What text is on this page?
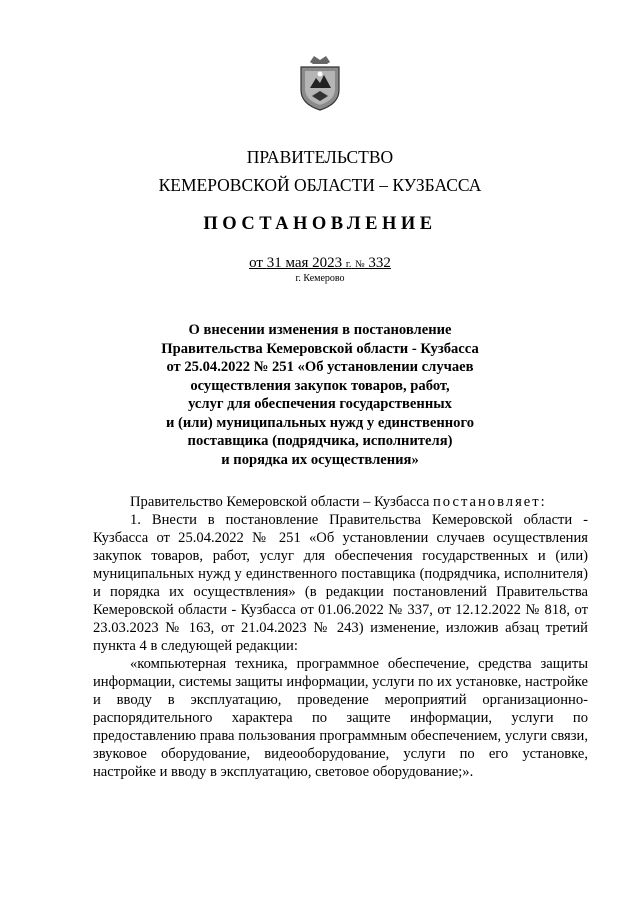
ПРАВИТЕЛЬСТВО
КЕМЕРОВСКОЙ ОБЛАСТИ – КУЗБАССА
ПОСТАНОВЛЕНИЕ
от 31 мая 2023 г. № 332
г. Кемерово
О внесении изменения в постановление
Правительства Кемеровской области - Кузбасса
от 25.04.2022 № 251 «Об установлении случаев
осуществления закупок товаров, работ,
услуг для обеспечения государственных
и (или) муниципальных нужд у единственного
поставщика (подрядчика, исполнителя)
и порядка их осуществления»
Правительство Кемеровской области – Кузбасса постановляет:
1. Внести в постановление Правительства Кемеровской области - Кузбасса от 25.04.2022 № 251 «Об установлении случаев осуществления закупок товаров, работ, услуг для обеспечения государственных и (или) муниципальных нужд у единственного поставщика (подрядчика, исполнителя) и порядка их осуществления» (в редакции постановлений Правительства Кемеровской области - Кузбасса от 01.06.2022 № 337, от 12.12.2022 № 818, от 23.03.2023 № 163, от 21.04.2023 № 243) изменение, изложив абзац третий пункта 4 в следующей редакции:
«компьютерная техника, программное обеспечение, средства защиты информации, системы защиты информации, услуги по их установке, настройке и вводу в эксплуатацию, проведение мероприятий организационно-распорядительного характера по защите информации, услуги по предоставлению права пользования программным обеспечением, услуги связи, звуковое оборудование, видеооборудование, услуги по его установке, настройке и вводу в эксплуатацию, световое оборудование;».
